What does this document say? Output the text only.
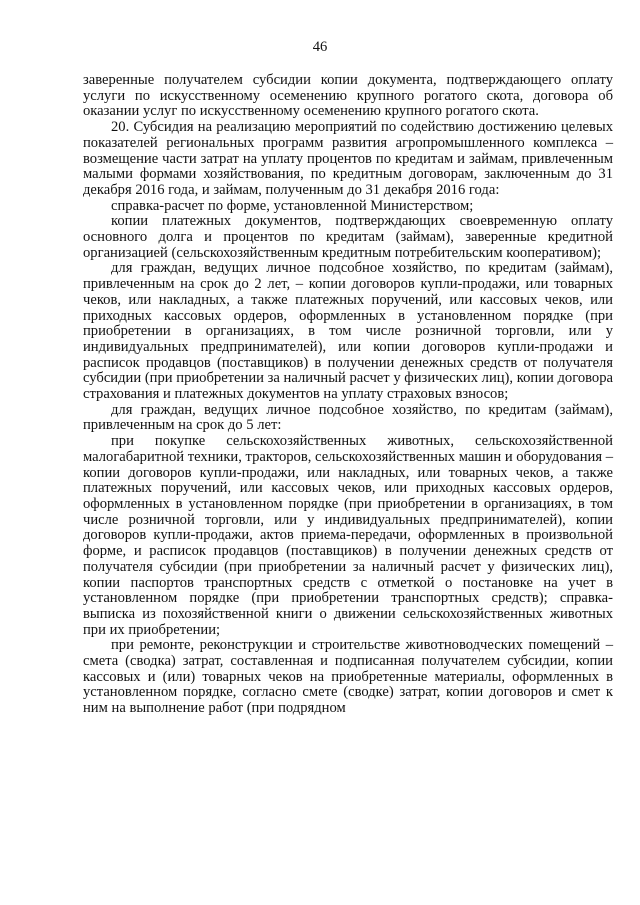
46

заверенные получателем субсидии копии документа, подтверждающего оплату услуги по искусственному осеменению крупного рогатого скота, договора об оказании услуг по искусственному осеменению крупного рогатого скота.

20. Субсидия на реализацию мероприятий по содействию достижению целевых показателей региональных программ развития агропромышленного комплекса – возмещение части затрат на уплату процентов по кредитам и займам, привлеченным малыми формами хозяйствования, по кредитным договорам, заключенным до 31 декабря 2016 года, и займам, полученным до 31 декабря 2016 года:

справка-расчет по форме, установленной Министерством;

копии платежных документов, подтверждающих своевременную оплату основного долга и процентов по кредитам (займам), заверенные кредитной организацией (сельскохозяйственным кредитным потребительским кооперативом);

для граждан, ведущих личное подсобное хозяйство, по кредитам (займам), привлеченным на срок до 2 лет, – копии договоров купли-продажи, или товарных чеков, или накладных, а также платежных поручений, или кассовых чеков, или приходных кассовых ордеров, оформленных в установленном порядке (при приобретении в организациях, в том числе розничной торговли, или у индивидуальных предпринимателей), или копии договоров купли-продажи и расписок продавцов (поставщиков) в получении денежных средств от получателя субсидии (при приобретении за наличный расчет у физических лиц), копии договора страхования и платежных документов на уплату страховых взносов;

для граждан, ведущих личное подсобное хозяйство, по кредитам (займам), привлеченным на срок до 5 лет:

при покупке сельскохозяйственных животных, сельскохозяйственной малогабаритной техники, тракторов, сельскохозяйственных машин и оборудования – копии договоров купли-продажи, или накладных, или товарных чеков, а также платежных поручений, или кассовых чеков, или приходных кассовых ордеров, оформленных в установленном порядке (при приобретении в организациях, в том числе розничной торговли, или у индивидуальных предпринимателей), копии договоров купли-продажи, актов приема-передачи, оформленных в произвольной форме, и расписок продавцов (поставщиков) в получении денежных средств от получателя субсидии (при приобретении за наличный расчет у физических лиц), копии паспортов транспортных средств с отметкой о постановке на учет в установленном порядке (при приобретении транспортных средств); справка-выписка из похозяйственной книги о движении сельскохозяйственных животных при их приобретении;

при ремонте, реконструкции и строительстве животноводческих помещений – смета (сводка) затрат, составленная и подписанная получателем субсидии, копии кассовых и (или) товарных чеков на приобретенные материалы, оформленных в установленном порядке, согласно смете (сводке) затрат, копии договоров и смет к ним на выполнение работ (при подрядном
